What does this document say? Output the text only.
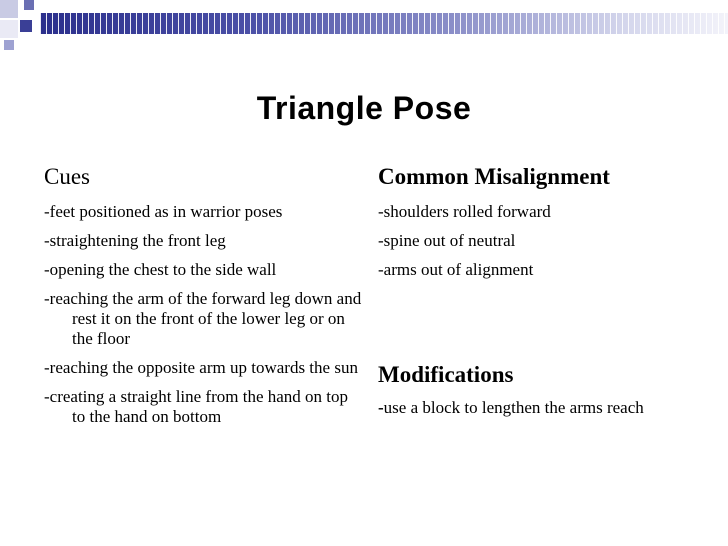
Triangle Pose
Cues
-feet positioned as in warrior poses
-straightening the front leg
-opening the chest to the side wall
-reaching the arm of the forward leg down and rest it on the front of the lower leg or on the floor
-reaching the opposite arm up towards the sun
-creating a straight line from the hand on top to the hand on bottom
Common Misalignment
-shoulders rolled forward
-spine out of neutral
-arms out of alignment
Modifications
-use a block to lengthen the arms reach
